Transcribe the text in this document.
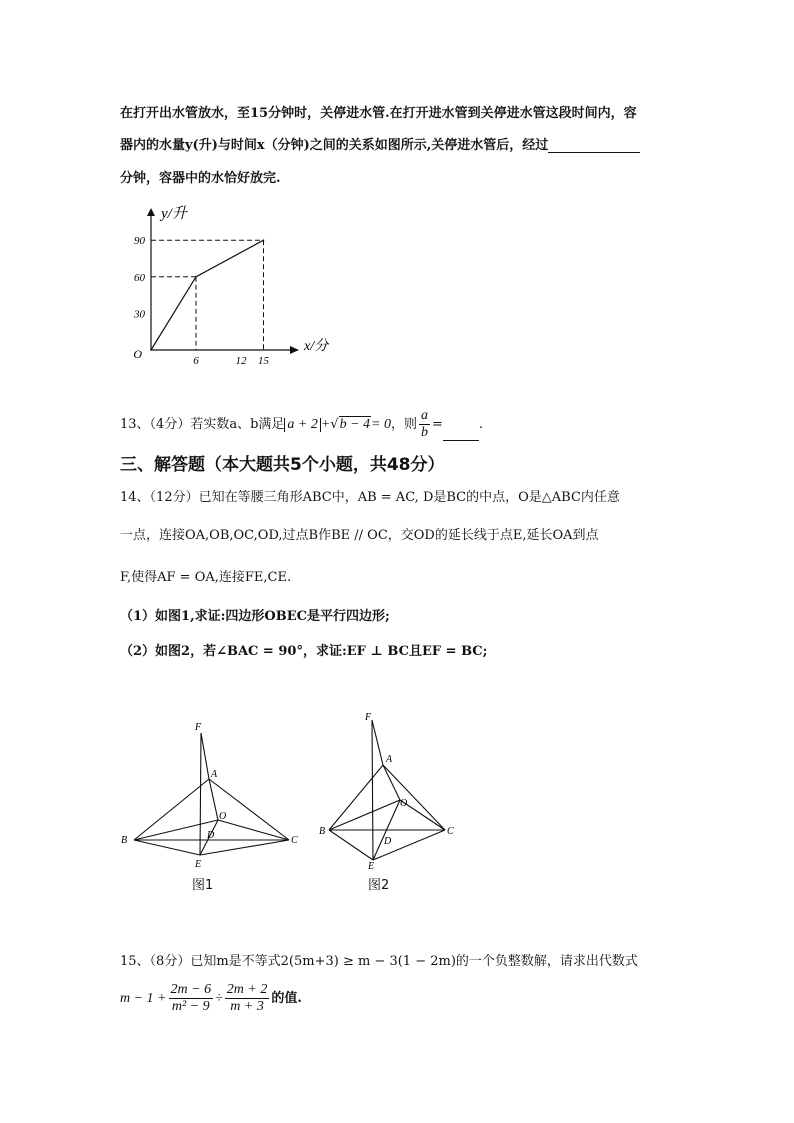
在打开出水管放水，至15分钟时，关停进水管.在打开进水管到关停进水管这段时间内，容
器内的水量y(升)与时间x（分钟)之间的关系如图所示,关停进水管后，经过
分钟，容器中的水恰好放完.
y/升
x/分
30
60
90
O	6	12 15
13、（4分）若实数a、b满足 a + 2 +√b − 4= 0，则 $\frac{a}{b}$ =	.
三、解答题（本大题共5个小题，共48分）
14、（12分）已知在等腰三角形ABC中，AB = AC, D是BC的中点，O是△ABC内任意
一点，连接OA,OB,OC,OD,过点B作BE // OC，交OD的延长线于点E,延长OA到点
F,使得AF = OA,连接FE,CE.
（1）如图1,求证:四边形OBEC是平行四边形;
（2）如图2，若∠BAC = 90°，求证:EF ⊥ BC且EF = BC;
F
A
O
B	D	C
E
图1
F
A
O
B
D
C
E
图2
15、（8分）已知m是不等式2(5m+3) ≥ m − 3(1 − 2m)的一个负整数解，请求出代数式
$m - 1 + \frac{2m - 6}{\text{m² − 9}} \div \frac{2m + 2}{m + 3}$ 的值.
